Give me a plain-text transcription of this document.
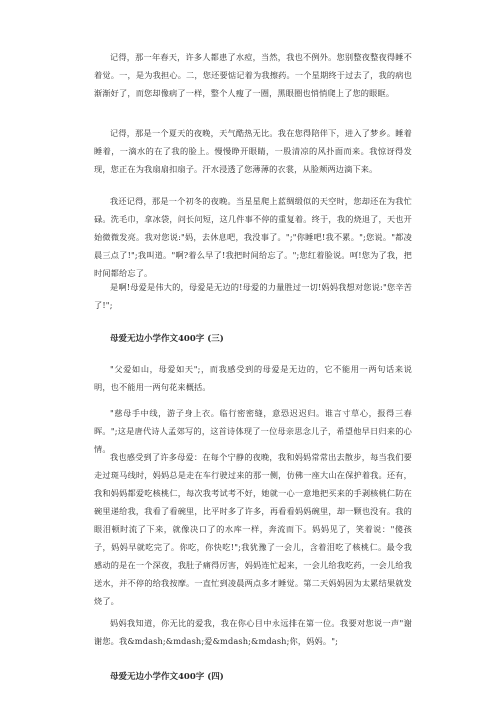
记得，那一年春天，许多人都患了水痘，当然，我也不例外。您别整夜整夜得睡不着觉。一，是为我担心。二，您还要惦记着为我擦药。一个星期终于过去了，我的病也渐渐好了，而您却像病了一样，整个人瘦了一圈，黑眼圈也悄悄爬上了您的眼眶。

记得，那是一个夏天的夜晚，天气酷热无比。我在您得陪伴下，进入了梦乡。睡着睡着，一滴水的在了我的脸上。慢慢睁开眼睛，一股清凉的风扑面而来。我惊讶得发现，您正在为我扇扇扣扇子。汗水浸透了您薄薄的衣裳，从脸颊两边滴下来。

我还记得，那是一个初冬的夜晚。当星星爬上蓝绸缎似的天空时，您却还在为我忙碌。洗毛巾，拿冰袋，问长问短，这几件事不停的重复着。终于，我的烧退了，天也开始微微发亮。我对您说:"妈，去休息吧，我没事了。";"你睡吧!我不累。";您说。"都凌晨三点了!";我叫道。"啊?着么早了!我把时间给忘了。";您红着脸说。呵!您为了我，把时间都给忘了。

是啊!母爱是伟大的，母爱是无边的!母爱的力量胜过一切!妈妈我想对您说:"您辛苦了!";

母爱无边小学作文400字 (三)

"父爱如山，母爱如天";，而我感受到的母爱是无边的，它不能用一两句话来说明，也不能用一两句花来概括。

"慈母手中线，游子身上衣。临行密密缝，意恐迟迟归。谁言寸草心，报得三春晖。";这是唐代诗人孟郊写的，这首诗体现了一位母亲思念儿子，希望他早日归来的心情。

我也感受到了许多母爱：在每个宁静的夜晚，我和妈妈常常出去散步，每当我们要走过斑马线时，妈妈总是走在车行驶过来的那一侧，仿佛一座大山在保护着我。还有，我和妈妈都爱吃核桃仁，每次我考试考不好，她就一心一意地把买来的手剥核桃仁防在碗里递给我，我看了看碗里，比平时多了许多，再看看妈妈碗里，却一颗也没有。我的眼泪顿时流了下来，就像决口了的水库一样，奔流而下。妈妈见了，笑着说："傻孩子，妈妈早就吃完了。你吃，你快吃!";我犹豫了一会儿，含着泪吃了核桃仁。最令我感动的是在一个深夜，我肚子痛得厉害，妈妈连忙起来，一会儿给我吃药，一会儿给我送水，并不停的给我按摩。一直忙到凌晨两点多才睡觉。第二天妈妈因为太累结果就发烧了。

妈妈我知道，你无比的爱我，我在你心目中永远排在第一位。我要对您说一声"谢谢您。我&mdash;&mdash;爱&mdash;&mdash;你，妈妈。";

母爱无边小学作文400字 (四)
